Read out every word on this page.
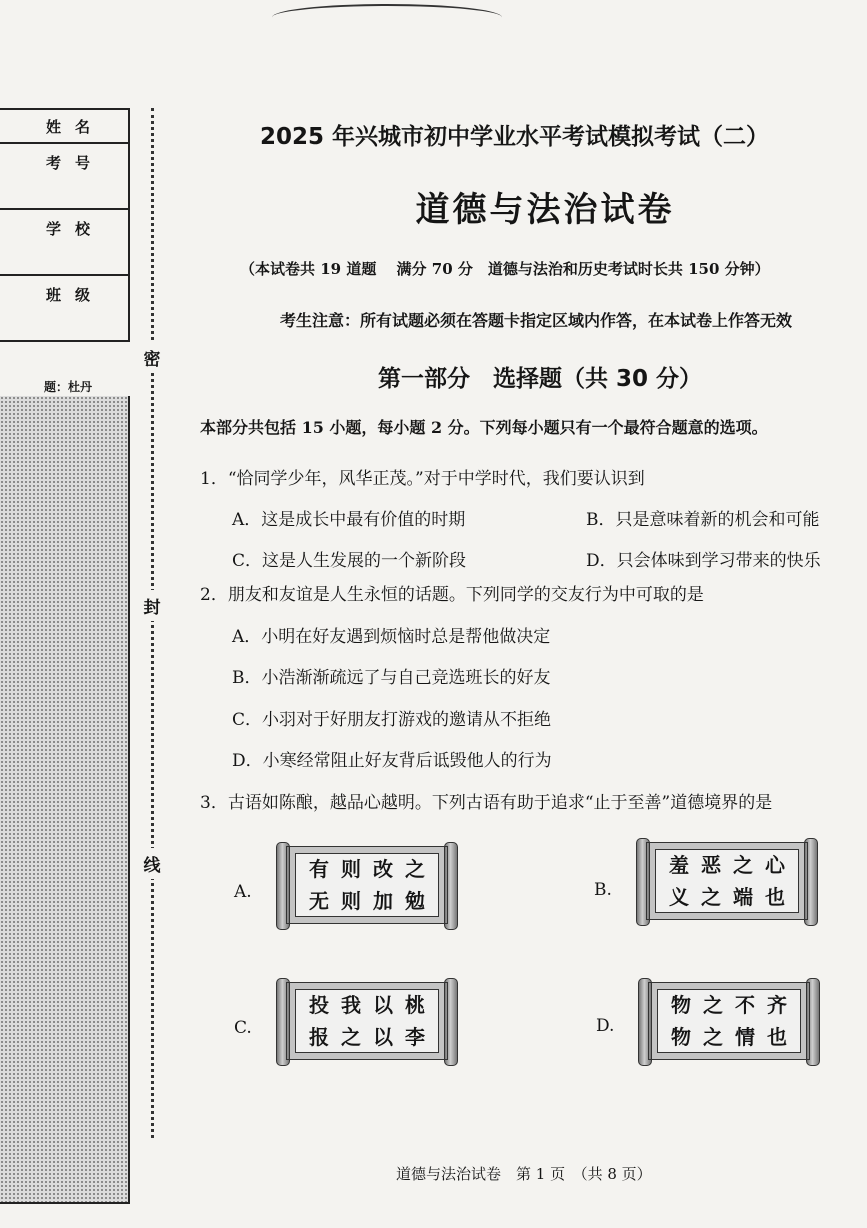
姓名
考号
学校
班级
题：杜丹
密
封
线
2025 年兴城市初中学业水平考试模拟考试（二）
道德与法治试卷
（本试卷共 19 道题　 满分 70 分　道德与法治和历史考试时长共 150 分钟）
考生注意：所有试题必须在答题卡指定区域内作答，在本试卷上作答无效
第一部分　选择题（共 30 分）
本部分共包括 15 小题，每小题 2 分。下列每小题只有一个最符合题意的选项。
1．“恰同学少年，风华正茂。”对于中学时代，我们要认识到
A．这是成长中最有价值的时期	B．只是意味着新的机会和可能
C．这是人生发展的一个新阶段	D．只会体味到学习带来的快乐
2．朋友和友谊是人生永恒的话题。下列同学的交友行为中可取的是
A．小明在好友遇到烦恼时总是帮他做决定
B．小浩渐渐疏远了与自己竞选班长的好友
C．小羽对于好朋友打游戏的邀请从不拒绝
D．小寒经常阻止好友背后诋毁他人的行为
3．古语如陈酿，越品心越明。下列古语有助于追求“止于至善”道德境界的是
A.
有则改之
无则加勉	B.
羞恶之心
义之端也
C.
投我以桃
报之以李	D.
物之不齐
物之情也
道德与法治试卷　第 1 页　（共 8 页）
